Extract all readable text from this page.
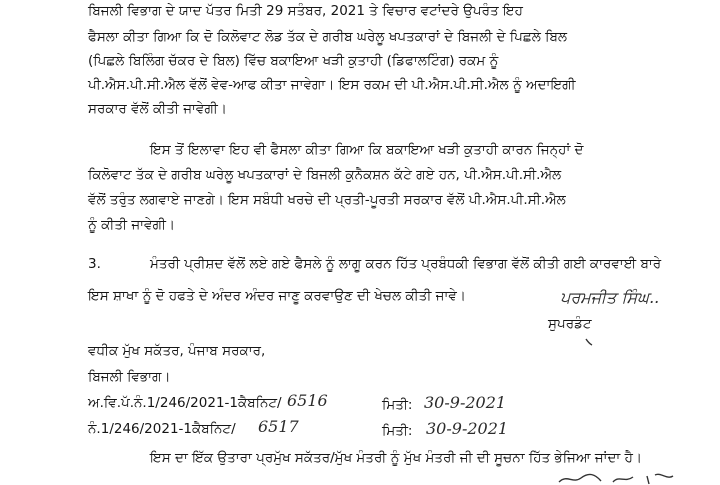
ਬਿਜਲੀ ਵਿਭਾਗ ਦੇ ਯਾਦ ਪੱਤਰ ਮਿਤੀ 29 ਸਤੰਬਰ, 2021 ਤੇ ਵਿਚਾਰ ਵਟਾਂਦਰੇ ਉਪਰੰਤ ਇਹ
ਫੈਸਲਾ ਕੀਤਾ ਗਿਆ ਕਿ ਦੋ ਕਿਲੋਵਾਟ ਲੋਡ ਤੱਕ ਦੇ ਗਰੀਬ ਘਰੇਲੂ ਖਪਤਕਾਰਾਂ ਦੇ ਬਿਜਲੀ ਦੇ ਪਿਛਲੇ ਬਿਲ
(ਪਿਛਲੇ ਬਿਲਿੰਗ ਚੱਕਰ ਦੇ ਬਿਲ) ਵਿੱਚ ਬਕਾਇਆ ਖੜੀ ਕੁਤਾਹੀ (ਡਿਫਾਲਟਿੰਗ) ਰਕਮ ਨੂੰ
ਪੀ.ਐਸ.ਪੀ.ਸੀ.ਐਲ ਵੱਲੋਂ ਵੇਵ-ਆਫ ਕੀਤਾ ਜਾਵੇਗਾ। ਇਸ ਰਕਮ ਦੀ ਪੀ.ਐਸ.ਪੀ.ਸੀ.ਐਲ ਨੂੰ ਅਦਾਇਗੀ
ਸਰਕਾਰ ਵੱਲੋਂ ਕੀਤੀ ਜਾਵੇਗੀ।
ਇਸ ਤੋਂ ਇਲਾਵਾ ਇਹ ਵੀ ਫੈਸਲਾ ਕੀਤਾ ਗਿਆ ਕਿ ਬਕਾਇਆ ਖੜੀ ਕੁਤਾਹੀ ਕਾਰਨ ਜਿਨ੍ਹਾਂ ਦੋ
ਕਿਲੋਵਾਟ ਤੱਕ ਦੇ ਗਰੀਬ ਘਰੇਲੂ ਖਪਤਕਾਰਾਂ ਦੇ ਬਿਜਲੀ ਕੁਨੈਕਸ਼ਨ ਕੱਟੇ ਗਏ ਹਨ, ਪੀ.ਐਸ.ਪੀ.ਸੀ.ਐਲ
ਵੱਲੋਂ ਤਰੁੰਤ ਲਗਵਾਏ ਜਾਣਗੇ। ਇਸ ਸਬੰਧੀ ਖਰਚੇ ਦੀ ਪ੍ਰਤੀ-ਪੂਰਤੀ ਸਰਕਾਰ ਵੱਲੋਂ ਪੀ.ਐਸ.ਪੀ.ਸੀ.ਐਲ
ਨੂੰ ਕੀਤੀ ਜਾਵੇਗੀ।
3.	ਮੰਤਰੀ ਪ੍ਰੀਸ਼ਦ ਵੱਲੋਂ ਲਏ ਗਏ ਫੈਸਲੇ ਨੂੰ ਲਾਗੂ ਕਰਨ ਹਿੱਤ ਪ੍ਰਬੰਧਕੀ ਵਿਭਾਗ ਵੱਲੋਂ ਕੀਤੀ ਗਈ ਕਾਰਵਾਈ ਬਾਰੇ
ਇਸ ਸ਼ਾਖਾ ਨੂੰ ਦੋ ਹਫਤੇ ਦੇ ਅੰਦਰ ਅੰਦਰ ਜਾਣੂ ਕਰਵਾਉਣ ਦੀ ਖੇਚਲ ਕੀਤੀ ਜਾਵੇ।	ਪਰਮਜੀਤ ਸਿੰਘ..
ਸੁਪਰਡੰਟ
ਵਧੀਕ ਮੁੱਖ ਸਕੱਤਰ, ਪੰਜਾਬ ਸਰਕਾਰ,
ਬਿਜਲੀ ਵਿਭਾਗ।
ਅ.ਵਿ.ਪੱ.ਨੰ.1/246/2021-1ਕੈਬਨਿਟ/ 6516	ਮਿਤੀ: 30-9-2021
ਨੰ.1/246/2021-1ਕੈਬਨਿਟ/ 6517	ਮਿਤੀ: 30-9-2021
ਇਸ ਦਾ ਇੱਕ ਉਤਾਰਾ ਪ੍ਰਮੁੱਖ ਸਕੱਤਰ/ਮੁੱਖ ਮੰਤਰੀ ਨੂੰ ਮੁੱਖ ਮੰਤਰੀ ਜੀ ਦੀ ਸੂਚਨਾ ਹਿੱਤ ਭੇਜਿਆ ਜਾਂਦਾ ਹੈ।
